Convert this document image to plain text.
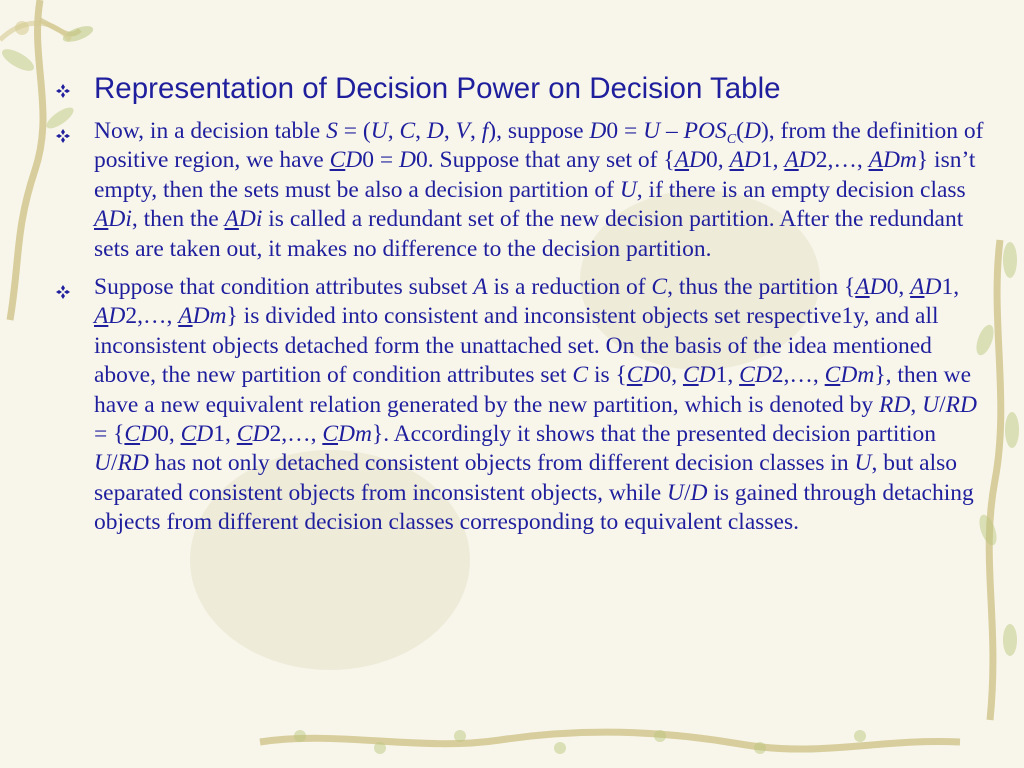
Representation of Decision Power on Decision Table
Now, in a decision table S = (U, C, D, V, f), suppose $D0 = U - POS_C(D)$, from the definition of positive region, we have CD0 = D0. Suppose that any set of {AD0, AD1, AD2,…, ADm} isn’t empty, then the sets must be also a decision partition of U, if there is an empty decision class ADi, then the ADi is called a redundant set of the new decision partition. After the redundant sets are taken out, it makes no difference to the decision partition.
Suppose that condition attributes subset A is a reduction of C, thus the partition {AD0, AD1, AD2,…, ADm} is divided into consistent and inconsistent objects set respective1y, and all inconsistent objects detached form the unattached set. On the basis of the idea mentioned above, the new partition of condition attributes set C is {CD0, CD1, CD2,…, CDm}, then we have a new equivalent relation generated by the new partition, which is denoted by RD, U/RD = {CD0, CD1, CD2,…, CDm}. Accordingly it shows that the presented decision partition U/RD has not only detached consistent objects from different decision classes in U, but also separated consistent objects from inconsistent objects, while U/D is gained through detaching objects from different decision classes corresponding to equivalent classes.
